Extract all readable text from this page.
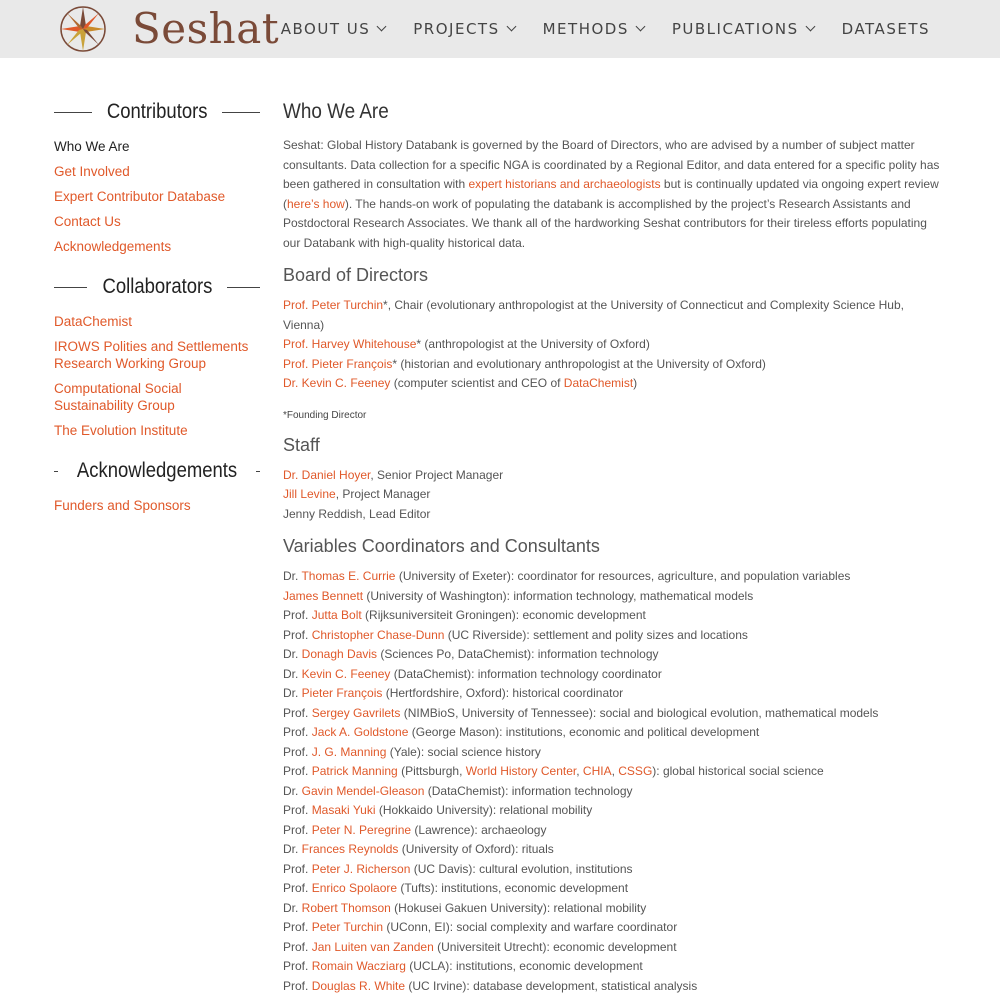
Seshat ABOUT US	PROJECTS	METHODS	PUBLICATIONS	DATASETS
Contributors
Who We Are
Get Involved
Expert Contributor Database
Contact Us
Acknowledgements
Collaborators
DataChemist
IROWS Polities and Settlements Research Working Group
Computational Social Sustainability Group
The Evolution Institute
Acknowledgements
Funders and Sponsors
Who We Are

Seshat: Global History Databank is governed by the Board of Directors, who are advised by a number of subject matter consultants. Data collection for a specific NGA is coordinated by a Regional Editor, and data entered for a specific polity has been gathered in consultation with expert historians and archaeologists but is continually updated via ongoing expert review (here’s how). The hands-on work of populating the databank is accomplished by the project’s Research Assistants and Postdoctoral Research Associates. We thank all of the hardworking Seshat contributors for their tireless efforts populating our Databank with high-quality historical data.

Board of Directors
Prof. Peter Turchin*, Chair (evolutionary anthropologist at the University of Connecticut and Complexity Science Hub, Vienna)
Prof. Harvey Whitehouse* (anthropologist at the University of Oxford)
Prof. Pieter François* (historian and evolutionary anthropologist at the University of Oxford)
Dr. Kevin C. Feeney (computer scientist and CEO of DataChemist)
*Founding Director
Staff
Dr. Daniel Hoyer, Senior Project Manager
Jill Levine, Project Manager
Jenny Reddish, Lead Editor
Variables Coordinators and Consultants
Dr. Thomas E. Currie (University of Exeter): coordinator for resources, agriculture, and population variables
James Bennett (University of Washington): information technology, mathematical models
Prof. Jutta Bolt (Rijksuniversiteit Groningen): economic development
Prof. Christopher Chase-Dunn (UC Riverside): settlement and polity sizes and locations
Dr. Donagh Davis (Sciences Po, DataChemist): information technology
Dr. Kevin C. Feeney (DataChemist): information technology coordinator
Dr. Pieter François (Hertfordshire, Oxford): historical coordinator
Prof. Sergey Gavrilets (NIMBioS, University of Tennessee): social and biological evolution, mathematical models
Prof. Jack A. Goldstone (George Mason): institutions, economic and political development
Prof. J. G. Manning (Yale): social science history
Prof. Patrick Manning (Pittsburgh, World History Center, CHIA, CSSG): global historical social science
Dr. Gavin Mendel-Gleason (DataChemist): information technology
Prof. Masaki Yuki (Hokkaido University): relational mobility
Prof. Peter N. Peregrine (Lawrence): archaeology
Dr. Frances Reynolds (University of Oxford): rituals
Prof. Peter J. Richerson (UC Davis): cultural evolution, institutions
Prof. Enrico Spolaore (Tufts): institutions, economic development
Dr. Robert Thomson (Hokusei Gakuen University): relational mobility
Prof. Peter Turchin (UConn, EI): social complexity and warfare coordinator
Prof. Jan Luiten van Zanden (Universiteit Utrecht): economic development
Prof. Romain Wacziarg (UCLA): institutions, economic development
Prof. Douglas R. White (UC Irvine): database development, statistical analysis
